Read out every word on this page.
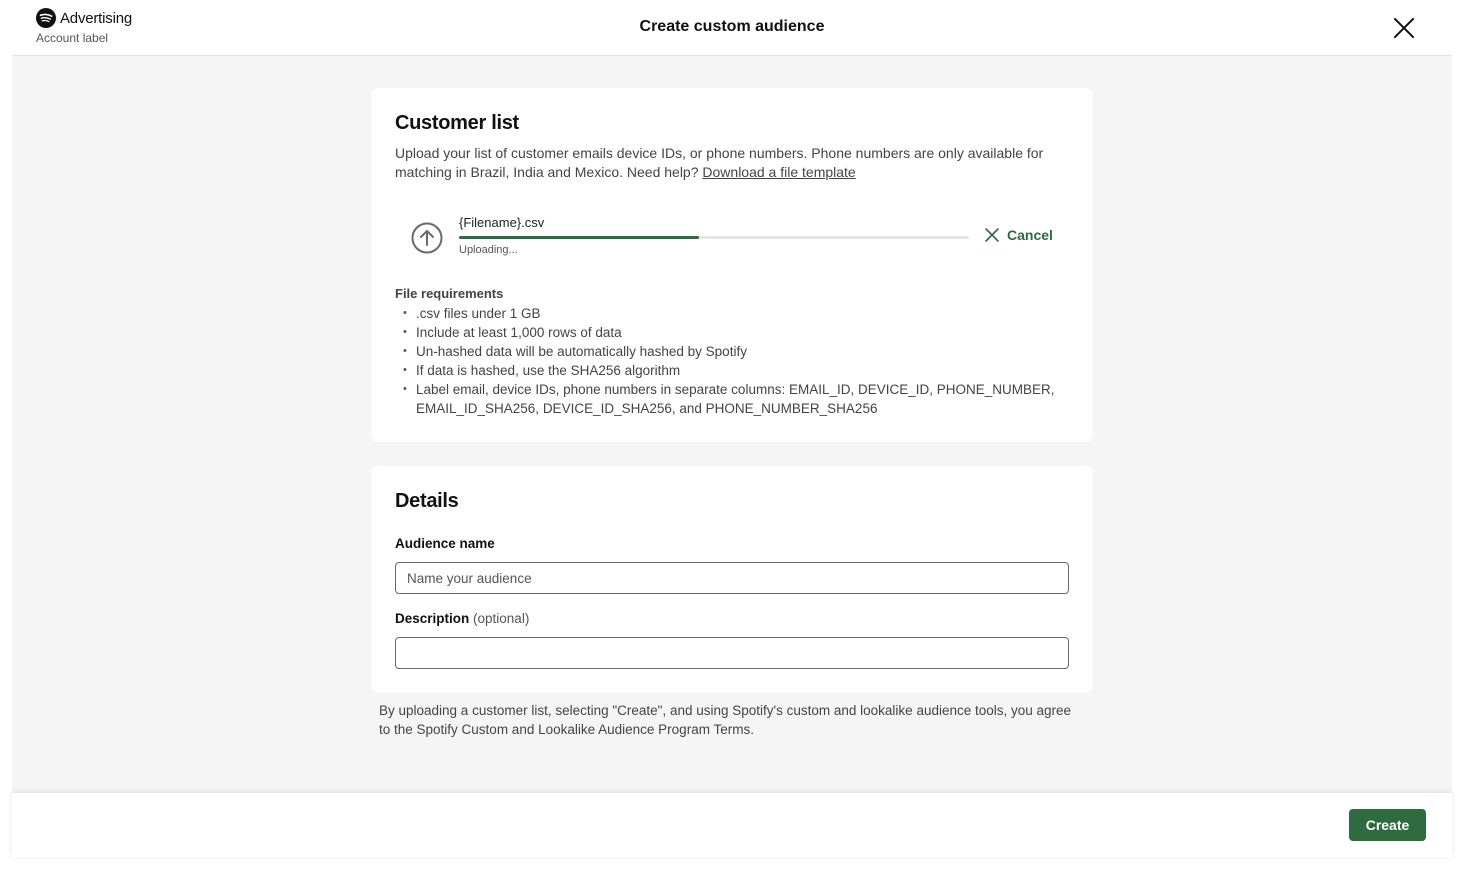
Advertising
Account label
Create custom audience
Customer list

Upload your list of customer emails device IDs, or phone numbers. Phone numbers are only available for matching in Brazil, India and Mexico. Need help? Download a file template

{Filename}.csv
Uploading...
Cancel
File requirements
• .csv files under 1 GB
• Include at least 1,000 rows of data
• Un-hashed data will be automatically hashed by Spotify
• If data is hashed, use the SHA256 algorithm
• Label email, device IDs, phone numbers in separate columns: EMAIL_ID, DEVICE_ID, PHONE_NUMBER, EMAIL_ID_SHA256, DEVICE_ID_SHA256, and PHONE_NUMBER_SHA256
Details
Audience name
Name your audience
Description (optional)

By uploading a customer list, selecting "Create", and using Spotify's custom and lookalike audience tools, you agree to the Spotify Custom and Lookalike Audience Program Terms.

Create
